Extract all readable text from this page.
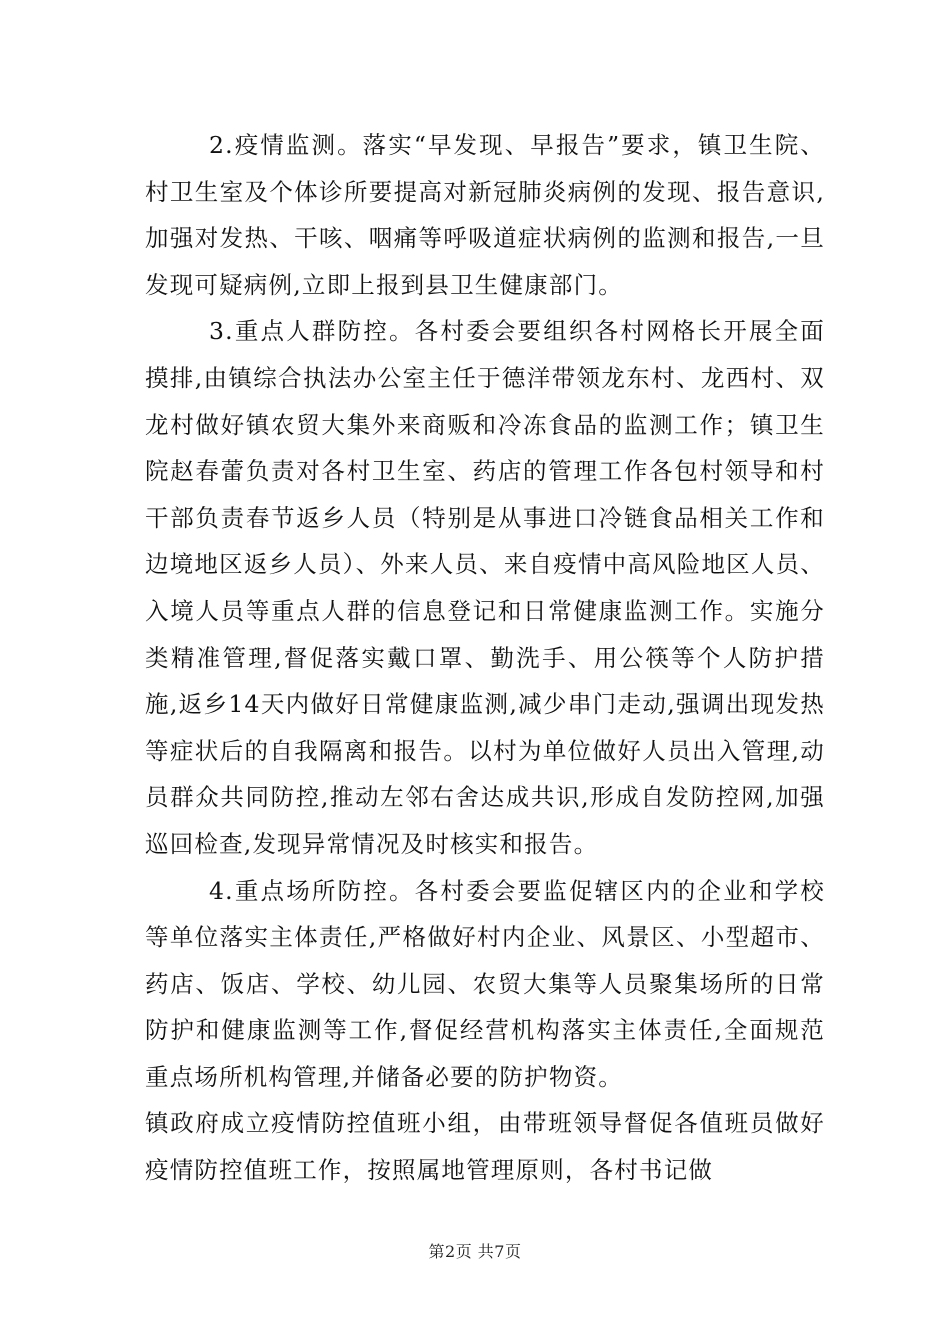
2.疫情监测。落实“早发现、早报告”要求，镇卫生院、村卫生室及个体诊所要提高对新冠肺炎病例的发现、报告意识,加强对发热、干咳、咽痛等呼吸道症状病例的监测和报告,一旦发现可疑病例,立即上报到县卫生健康部门。

3.重点人群防控。各村委会要组织各村网格长开展全面摸排,由镇综合执法办公室主任于德洋带领龙东村、龙西村、双龙村做好镇农贸大集外来商贩和冷冻食品的监测工作；镇卫生院赵春蕾负责对各村卫生室、药店的管理工作各包村领导和村干部负责春节返乡人员（特别是从事进口冷链食品相关工作和边境地区返乡人员）、外来人员、来自疫情中高风险地区人员、入境人员等重点人群的信息登记和日常健康监测工作。实施分类精准管理,督促落实戴口罩、勤洗手、用公筷等个人防护措施,返乡14天内做好日常健康监测,减少串门走动,强调出现发热等症状后的自我隔离和报告。以村为单位做好人员出入管理,动员群众共同防控,推动左邻右舍达成共识,形成自发防控网,加强巡回检查,发现异常情况及时核实和报告。

4.重点场所防控。各村委会要监促辖区内的企业和学校等单位落实主体责任,严格做好村内企业、风景区、小型超市、药店、饭店、学校、幼儿园、农贸大集等人员聚集场所的日常防护和健康监测等工作,督促经营机构落实主体责任,全面规范重点场所机构管理,并储备必要的防护物资。

镇政府成立疫情防控值班小组，由带班领导督促各值班员做好疫情防控值班工作，按照属地管理原则，各村书记做

第2页 共7页
